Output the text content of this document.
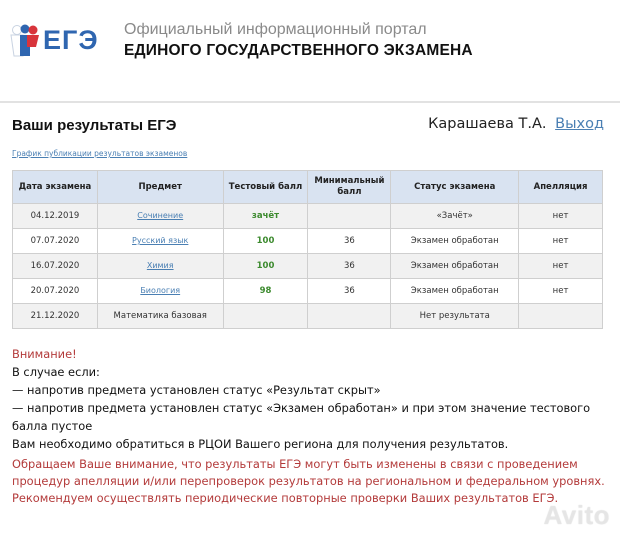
ЕГЭ Официальный информационный портал
ЕДИНОГО ГОСУДАРСТВЕННОГО ЭКЗАМЕНА
Ваши результаты ЕГЭ	Карашаева Т.А. Выход
График публикации результатов экзаменов
Дата экзамена	Предмет	Тестовый балл	Минимальный балл	Статус экзамена	Апелляция
04.12.2019	Сочинение	зачёт		«Зачёт»	нет
07.07.2020	Русский язык	100	36	Экзамен обработан	нет
16.07.2020	Химия	100	36	Экзамен обработан	нет
20.07.2020	Биология	98	36	Экзамен обработан	нет
21.12.2020	Математика базовая			Нет результата	
Внимание!
В случае если:
— напротив предмета установлен статус «Результат скрыт»
— напротив предмета установлен статус «Экзамен обработан» и при этом значение тестового балла пустое
Вам необходимо обратиться в РЦОИ Вашего региона для получения результатов.
Обращаем Ваше внимание, что результаты ЕГЭ могут быть изменены в связи с проведением процедур апелляции и/или перепроверок результатов на региональном и федеральном уровнях. Рекомендуем осуществлять периодические повторные проверки Ваших результатов ЕГЭ.
Avito
